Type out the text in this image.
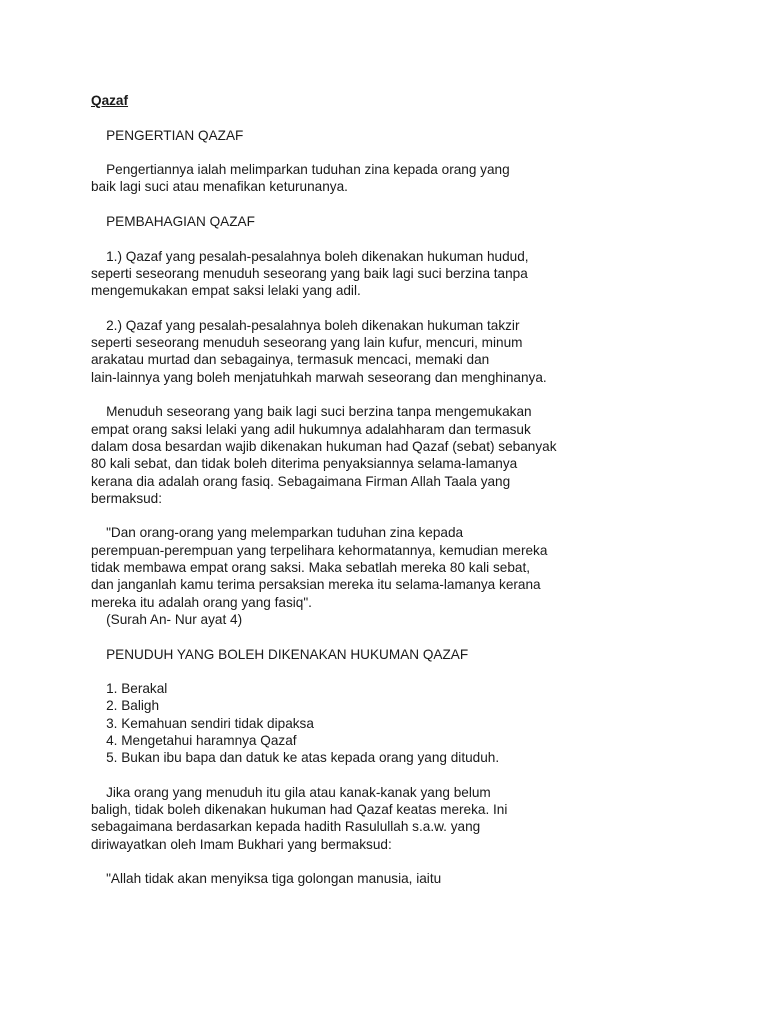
Qazaf
PENGERTIAN QAZAF
Pengertiannya ialah melimparkan tuduhan zina kepada orang yang
baik lagi suci atau menafikan keturunanya.
PEMBAHAGIAN QAZAF
1.) Qazaf yang pesalah-pesalahnya boleh dikenakan hukuman hudud,
seperti seseorang menuduh seseorang yang baik lagi suci berzina tanpa
mengemukakan empat saksi lelaki yang adil.
2.) Qazaf yang pesalah-pesalahnya boleh dikenakan hukuman takzir
seperti seseorang menuduh seseorang yang lain kufur, mencuri, minum
arakatau murtad dan sebagainya, termasuk mencaci, memaki dan
lain-lainnya yang boleh menjatuhkah marwah seseorang dan menghinanya.
Menuduh seseorang yang baik lagi suci berzina tanpa mengemukakan
empat orang saksi lelaki yang adil hukumnya adalahharam dan termasuk
dalam dosa besardan wajib dikenakan hukuman had Qazaf (sebat) sebanyak
80 kali sebat, dan tidak boleh diterima penyaksiannya selama-lamanya
kerana dia adalah orang fasiq. Sebagaimana Firman Allah Taala yang
bermaksud:
"Dan orang-orang yang melemparkan tuduhan zina kepada
perempuan-perempuan yang terpelihara kehormatannya, kemudian mereka
tidak membawa empat orang saksi. Maka sebatlah mereka 80 kali sebat,
dan janganlah kamu terima persaksian mereka itu selama-lamanya kerana
mereka itu adalah orang yang fasiq".
(Surah An- Nur ayat 4)
PENUDUH YANG BOLEH DIKENAKAN HUKUMAN QAZAF
1. Berakal
2. Baligh
3. Kemahuan sendiri tidak dipaksa
4. Mengetahui haramnya Qazaf
5. Bukan ibu bapa dan datuk ke atas kepada orang yang dituduh.
Jika orang yang menuduh itu gila atau kanak-kanak yang belum
baligh, tidak boleh dikenakan hukuman had Qazaf keatas mereka. Ini
sebagaimana berdasarkan kepada hadith Rasulullah s.a.w. yang
diriwayatkan oleh Imam Bukhari yang bermaksud:
"Allah tidak akan menyiksa tiga golongan manusia, iaitu
